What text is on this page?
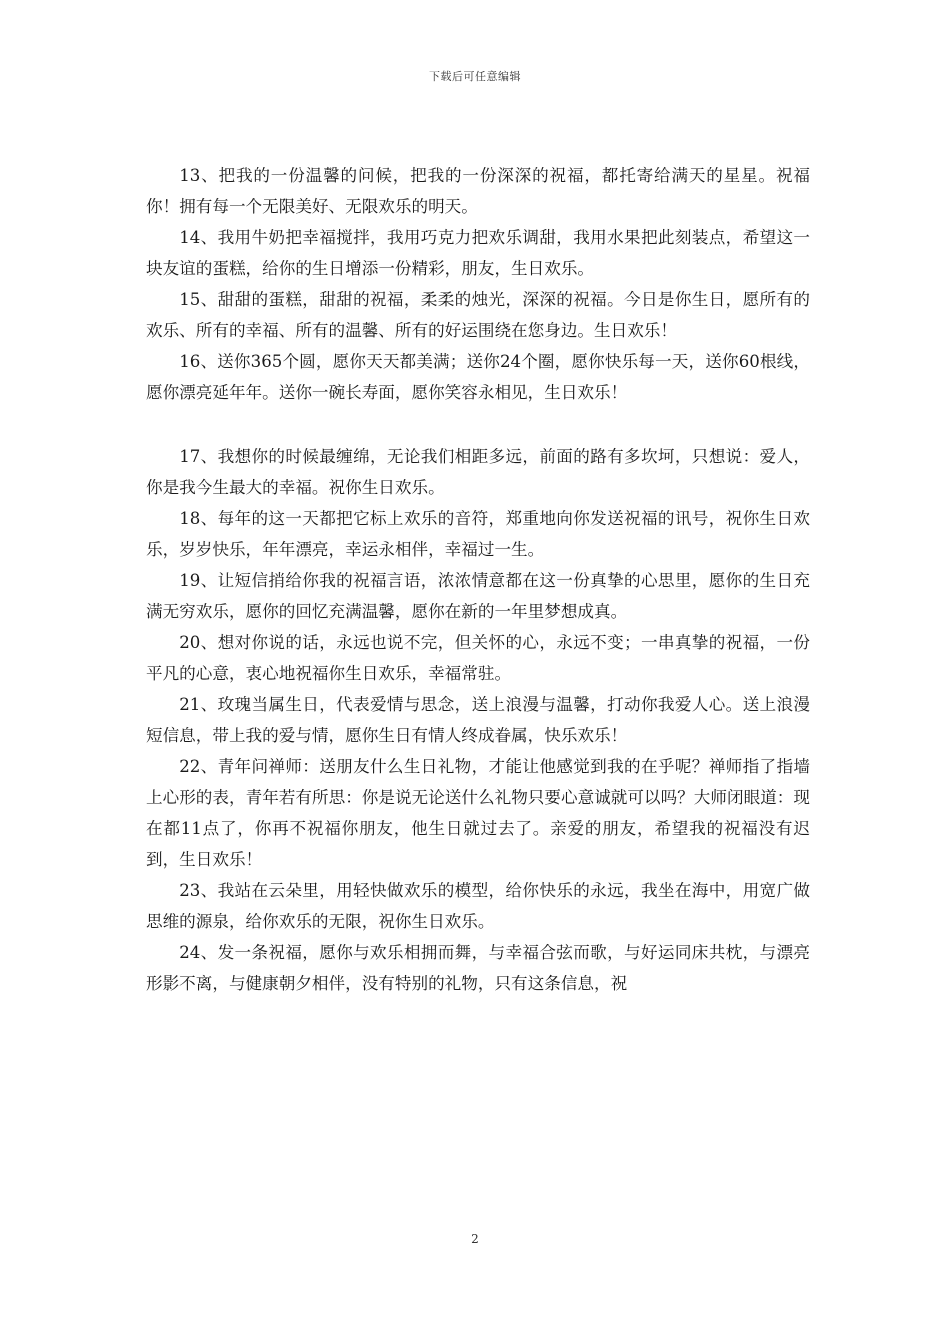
下载后可任意编辑

13、把我的一份温馨的问候，把我的一份深深的祝福，都托寄给满天的星星。祝福你！拥有每一个无限美好、无限欢乐的明天。

14、我用牛奶把幸福搅拌，我用巧克力把欢乐调甜，我用水果把此刻装点，希望这一块友谊的蛋糕，给你的生日增添一份精彩，朋友，生日欢乐。

15、甜甜的蛋糕，甜甜的祝福，柔柔的烛光，深深的祝福。今日是你生日，愿所有的欢乐、所有的幸福、所有的温馨、所有的好运围绕在您身边。生日欢乐！

16、送你365个圆，愿你天天都美满；送你24个圈，愿你快乐每一天，送你60根线，愿你漂亮延年年。送你一碗长寿面，愿你笑容永相见，生日欢乐！

17、我想你的时候最缠绵，无论我们相距多远，前面的路有多坎坷，只想说：爱人，你是我今生最大的幸福。祝你生日欢乐。

18、每年的这一天都把它标上欢乐的音符，郑重地向你发送祝福的讯号，祝你生日欢乐，岁岁快乐，年年漂亮，幸运永相伴，幸福过一生。

19、让短信捎给你我的祝福言语，浓浓情意都在这一份真挚的心思里，愿你的生日充满无穷欢乐，愿你的回忆充满温馨，愿你在新的一年里梦想成真。

20、想对你说的话，永远也说不完，但关怀的心，永远不变；一串真挚的祝福，一份平凡的心意，衷心地祝福你生日欢乐，幸福常驻。

21、玫瑰当属生日，代表爱情与思念，送上浪漫与温馨，打动你我爱人心。送上浪漫短信息，带上我的爱与情，愿你生日有情人终成眷属，快乐欢乐！

22、青年问禅师：送朋友什么生日礼物，才能让他感觉到我的在乎呢？禅师指了指墙上心形的表，青年若有所思：你是说无论送什么礼物只要心意诚就可以吗？大师闭眼道：现在都11点了，你再不祝福你朋友，他生日就过去了。亲爱的朋友，希望我的祝福没有迟到，生日欢乐！

23、我站在云朵里，用轻快做欢乐的模型，给你快乐的永远，我坐在海中，用宽广做思维的源泉，给你欢乐的无限，祝你生日欢乐。

24、发一条祝福，愿你与欢乐相拥而舞，与幸福合弦而歌，与好运同床共枕，与漂亮形影不离，与健康朝夕相伴，没有特别的礼物，只有这条信息，祝

2
